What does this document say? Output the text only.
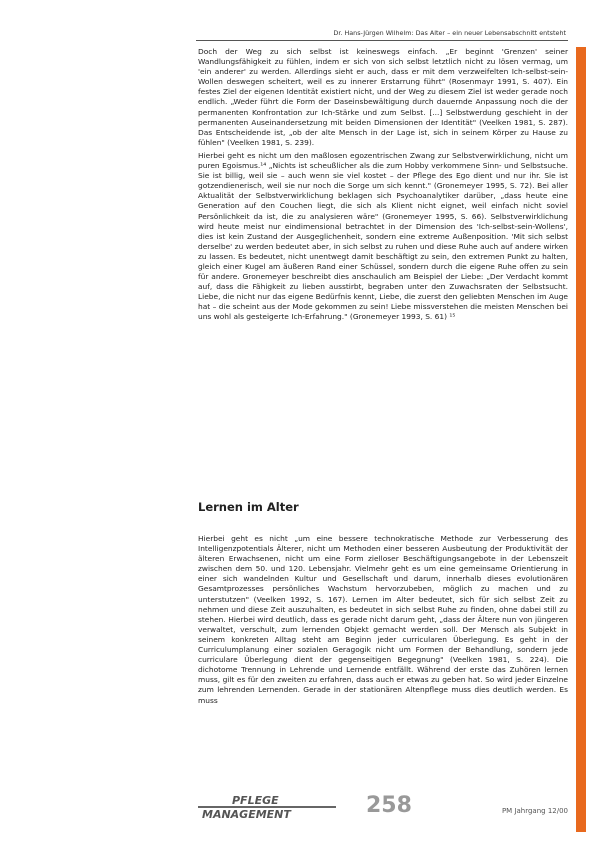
Dr. Hans-Jürgen Wilhelm: Das Alter – ein neuer Lebensabschnitt entsteht

Doch der Weg zu sich selbst ist keineswegs einfach. „Er beginnt 'Grenzen' seiner Wandlungsfähigkeit zu fühlen, indem er sich von sich selbst letztlich nicht zu lösen vermag, um 'ein anderer' zu werden. Allerdings sieht er auch, dass er mit dem verzweifelten Ich-selbst-sein-Wollen deswegen scheitert, weil es zu innerer Erstarrung führt" (Rosenmayr 1991, S. 407). Ein festes Ziel der eigenen Identität existiert nicht, und der Weg zu diesem Ziel ist weder gerade noch endlich. „Weder führt die Form der Daseinsbewältigung durch dauernde Anpassung noch die der permanenten Konfrontation zur Ich-Stärke und zum Selbst. [...] Selbstwerdung geschieht in der permanenten Auseinandersetzung mit beiden Dimensionen der Identität" (Veelken 1981, S. 287). Das Entscheidende ist, „ob der alte Mensch in der Lage ist, sich in seinem Körper zu Hause zu fühlen" (Veelken 1981, S. 239).

Hierbei geht es nicht um den maßlosen egozentrischen Zwang zur Selbstverwirklichung, nicht um puren Egoismus.¹⁴ „Nichts ist scheußlicher als die zum Hobby verkommene Sinn- und Selbstsuche. Sie ist billig, weil sie – auch wenn sie viel kostet – der Pflege des Ego dient und nur ihr. Sie ist gotzendienerisch, weil sie nur noch die Sorge um sich kennt." (Gronemeyer 1995, S. 72). Bei aller Aktualität der Selbstverwirklichung beklagen sich Psychoanalytiker darüber, „dass heute eine Generation auf den Couchen liegt, die sich als Klient nicht eignet, weil einfach nicht soviel Persönlichkeit da ist, die zu analysieren wäre" (Gronemeyer 1995, S. 66). Selbstverwirklichung wird heute meist nur eindimensional betrachtet in der Dimension des 'Ich-selbst-sein-Wollens', dies ist kein Zustand der Ausgeglichenheit, sondern eine extreme Außenposition. 'Mit sich selbst derselbe' zu werden bedeutet aber, in sich selbst zu ruhen und diese Ruhe auch auf andere wirken zu lassen. Es bedeutet, nicht unentwegt damit beschäftigt zu sein, den extremen Punkt zu halten, gleich einer Kugel am äußeren Rand einer Schüssel, sondern durch die eigene Ruhe offen zu sein für andere. Gronemeyer beschreibt dies anschaulich am Beispiel der Liebe: „Der Verdacht kommt auf, dass die Fähigkeit zu lieben ausstirbt, begraben unter den Zuwachsraten der Selbstsucht. Liebe, die nicht nur das eigene Bedürfnis kennt, Liebe, die zuerst den geliebten Menschen im Auge hat – die scheint aus der Mode gekommen zu sein! Liebe missverstehen die meisten Menschen bei uns wohl als gesteigerte Ich-Erfahrung." (Gronemeyer 1993, S. 61) ¹⁵

Lernen im Alter

Hierbei geht es nicht „um eine bessere technokratische Methode zur Verbesserung des Intelligenzpotentials Älterer, nicht um Methoden einer besseren Ausbeutung der Produktivität der älteren Erwachsenen, nicht um eine Form zielloser Beschäftigungsangebote in der Lebenszeit zwischen dem 50. und 120. Lebensjahr. Vielmehr geht es um eine gemeinsame Orientierung in einer sich wandelnden Kultur und Gesellschaft und darum, innerhalb dieses evolutionären Gesamtprozesses persönliches Wachstum hervorzubeben, möglich zu machen und zu unterstutzen" (Veelken 1992, S. 167). Lernen im Alter bedeutet, sich für sich selbst Zeit zu nehmen und diese Zeit auszuhalten, es bedeutet in sich selbst Ruhe zu finden, ohne dabei still zu stehen. Hierbei wird deutlich, dass es gerade nicht darum geht, „dass der Ältere nun von jüngeren verwaltet, verschult, zum lernenden Objekt gemacht werden soll. Der Mensch als Subjekt in seinem konkreten Alltag steht am Beginn jeder curricularen Überlegung. Es geht in der Curriculumplanung einer sozialen Geragogik nicht um Formen der Behandlung, sondern jede curriculare Überlegung dient der gegenseitigen Begegnung" (Veelken 1981, S. 224). Die dichotome Trennung in Lehrende und Lernende entfällt. Während der erste das Zuhören lernen muss, gilt es für den zweiten zu erfahren, dass auch er etwas zu geben hat. So wird jeder Einzelne zum lehrenden Lernenden. Gerade in der stationären Altenpflege muss dies deutlich werden. Es muss

PFLEGE
MANAGEMENT	258	PM Jahrgang 12/00
